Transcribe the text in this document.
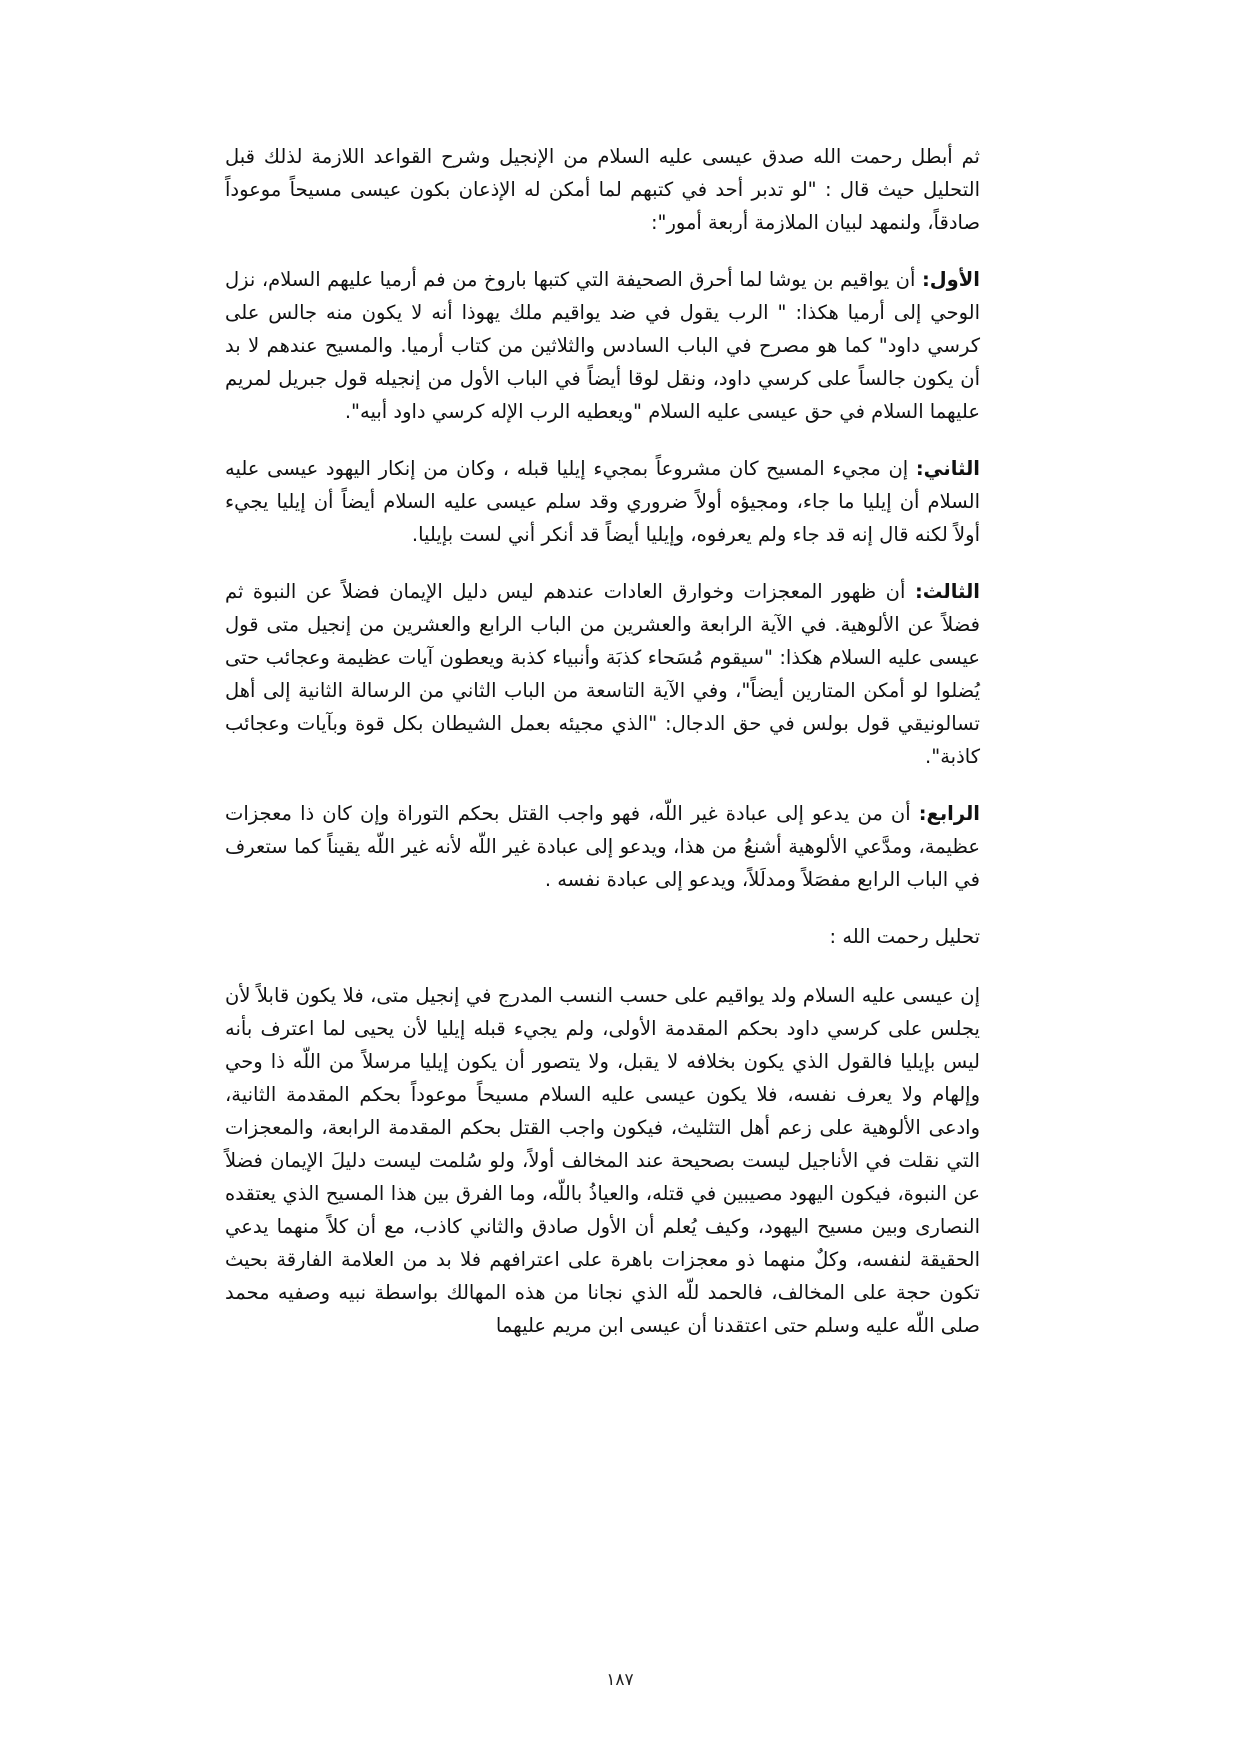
ثم أبطل رحمت الله صدق عيسى عليه السلام من الإنجيل وشرح القواعد اللازمة لذلك قبل التحليل حيث قال : "لو تدبر أحد في كتبهم لما أمكن له الإذعان بكون عيسى مسيحاً موعوداً صادقاً، ولنمهد لبيان الملازمة أربعة أمور":

الأول: أن يواقيم بن يوشا لما أحرق الصحيفة التي كتبها باروخ من فم أرميا عليهم السلام، نزل الوحي إلى أرميا هكذا: " الرب يقول في ضد يواقيم ملك يهوذا أنه لا يكون منه جالس على كرسي داود" كما هو مصرح في الباب السادس والثلاثين من كتاب أرميا. والمسيح عندهم لا بد أن يكون جالساً على كرسي داود، ونقل لوقا أيضاً في الباب الأول من إنجيله قول جبريل لمريم عليهما السلام في حق عيسى عليه السلام "ويعطيه الرب الإله كرسي داود أبيه".

الثاني: إن مجيء المسيح كان مشروعاً بمجيء إيليا قبله ، وكان من إنكار اليهود عيسى عليه السلام أن إيليا ما جاء، ومجيؤه أولاً ضروري وقد سلم عيسى عليه السلام أيضاً أن إيليا يجيء أولاً لكنه قال إنه قد جاء ولم يعرفوه، وإيليا أيضاً قد أنكر أني لست بإيليا.

الثالث: أن ظهور المعجزات وخوارق العادات عندهم ليس دليل الإيمان فضلاً عن النبوة ثم فضلاً عن الألوهية. في الآية الرابعة والعشرين من الباب الرابع والعشرين من إنجيل متى قول عيسى عليه السلام هكذا: "سيقوم مُسَحاء كذبَة وأنبياء كذبة ويعطون آيات عظيمة وعجائب حتى يُضلوا لو أمكن المتارين أيضاً"، وفي الآية التاسعة من الباب الثاني من الرسالة الثانية إلى أهل تسالونيقي قول بولس في حق الدجال: "الذي مجيئه بعمل الشيطان بكل قوة وبآيات وعجائب كاذبة".

الرابع: أن من يدعو إلى عبادة غير اللّه، فهو واجب القتل بحكم التوراة وإن كان ذا معجزات عظيمة، ومدَّعي الألوهية أشنعُ من هذا، ويدعو إلى عبادة غير اللّه لأنه غير اللّه يقيناً كما ستعرف في الباب الرابع مفصَلاً ومدلَلاً، ويدعو إلى عبادة نفسه .

تحليل رحمت الله :

إن عيسى عليه السلام ولد يواقيم على حسب النسب المدرج في إنجيل متى، فلا يكون قابلاً لأن يجلس على كرسي داود بحكم المقدمة الأولى، ولم يجيء قبله إيليا لأن يحيى لما اعترف بأنه ليس بإيليا فالقول الذي يكون بخلافه لا يقبل، ولا يتصور أن يكون إيليا مرسلاً من اللّه ذا وحي وإلهام ولا يعرف نفسه، فلا يكون عيسى عليه السلام مسيحاً موعوداً بحكم المقدمة الثانية، وادعى الألوهية على زعم أهل التثليث، فيكون واجب القتل بحكم المقدمة الرابعة، والمعجزات التي نقلت في الأناجيل ليست بصحيحة عند المخالف أولاً، ولو سُلمت ليست دليلَ الإيمان فضلاً عن النبوة، فيكون اليهود مصيبين في قتله، والعياذُ باللّه، وما الفرق بين هذا المسيح الذي يعتقده النصارى وبين مسيح اليهود، وكيف يُعلم أن الأول صادق والثاني كاذب، مع أن كلاً منهما يدعي الحقيقة لنفسه، وكلٌ منهما ذو معجزات باهرة على اعترافهم فلا بد من العلامة الفارقة بحيث تكون حجة على المخالف، فالحمد للّه الذي نجانا من هذه المهالك بواسطة نبيه وصفيه محمد صلى اللّه عليه وسلم حتى اعتقدنا أن عيسى ابن مريم عليهما

١٨٧
